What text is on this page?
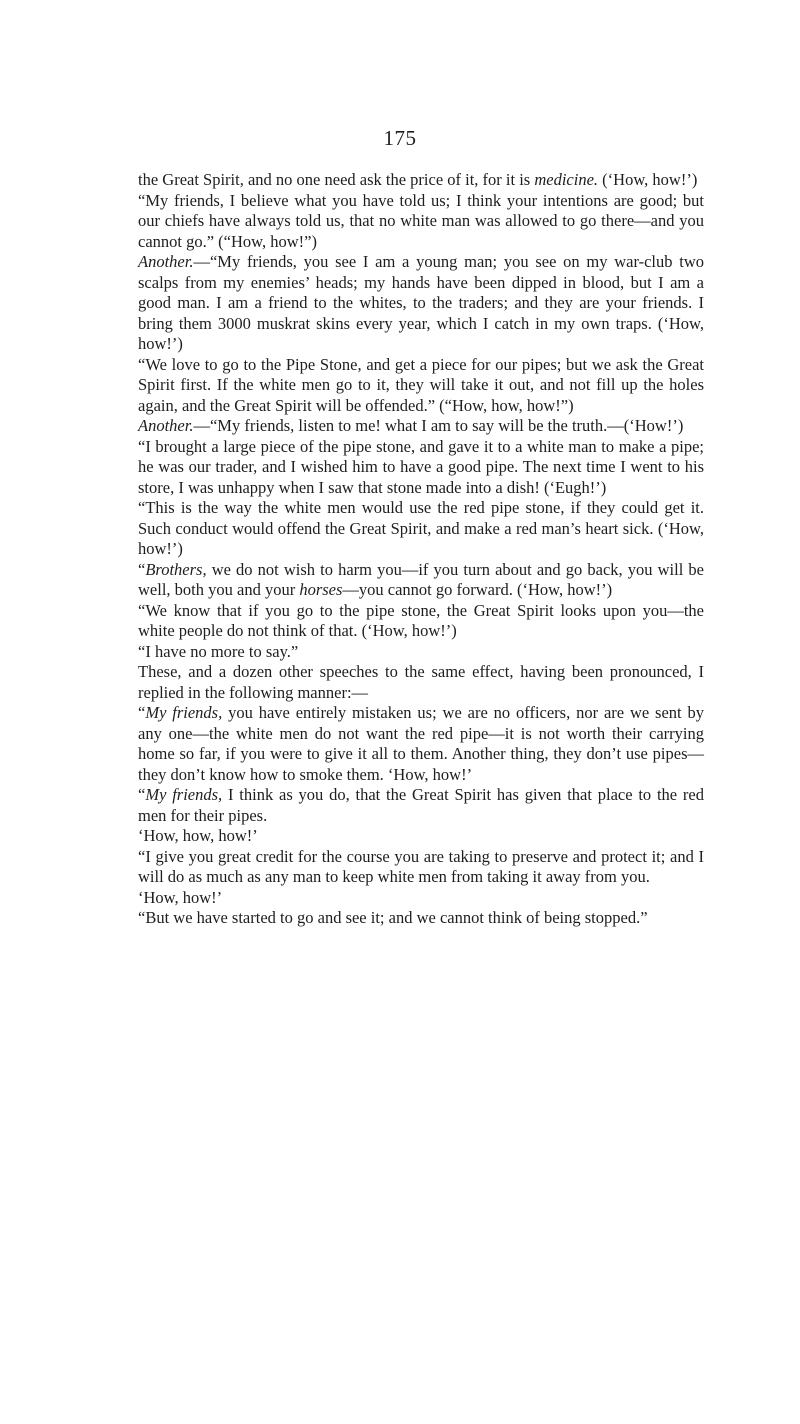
175

the Great Spirit, and no one need ask the price of it, for it is medicine. (‘How, how!’)

“My friends, I believe what you have told us; I think your intentions are good; but our chiefs have always told us, that no white man was allowed to go there—and you cannot go.” (“How, how!”)

Another.—“My friends, you see I am a young man; you see on my war-club two scalps from my enemies’ heads; my hands have been dipped in blood, but I am a good man. I am a friend to the whites, to the traders; and they are your friends. I bring them 3000 muskrat skins every year, which I catch in my own traps. (‘How, how!’)

“We love to go to the Pipe Stone, and get a piece for our pipes; but we ask the Great Spirit first. If the white men go to it, they will take it out, and not fill up the holes again, and the Great Spirit will be offended.” (“How, how, how!”)

Another.—“My friends, listen to me! what I am to say will be the truth.—(‘How!’)

“I brought a large piece of the pipe stone, and gave it to a white man to make a pipe; he was our trader, and I wished him to have a good pipe. The next time I went to his store, I was unhappy when I saw that stone made into a dish! (‘Eugh!’)

“This is the way the white men would use the red pipe stone, if they could get it. Such conduct would offend the Great Spirit, and make a red man’s heart sick. (‘How, how!’)

“Brothers, we do not wish to harm you—if you turn about and go back, you will be well, both you and your horses—you cannot go forward. (‘How, how!’)

“We know that if you go to the pipe stone, the Great Spirit looks upon you—the white people do not think of that. (‘How, how!’)

“I have no more to say.”

These, and a dozen other speeches to the same effect, having been pronounced, I replied in the following manner:—

“My friends, you have entirely mistaken us; we are no officers, nor are we sent by any one—the white men do not want the red pipe—it is not worth their carrying home so far, if you were to give it all to them. Another thing, they don’t use pipes—they don’t know how to smoke them. ‘How, how!’

“My friends, I think as you do, that the Great Spirit has given that place to the red men for their pipes.

‘How, how, how!’

“I give you great credit for the course you are taking to preserve and protect it; and I will do as much as any man to keep white men from taking it away from you.

‘How, how!’

“But we have started to go and see it; and we cannot think of being stopped.”
